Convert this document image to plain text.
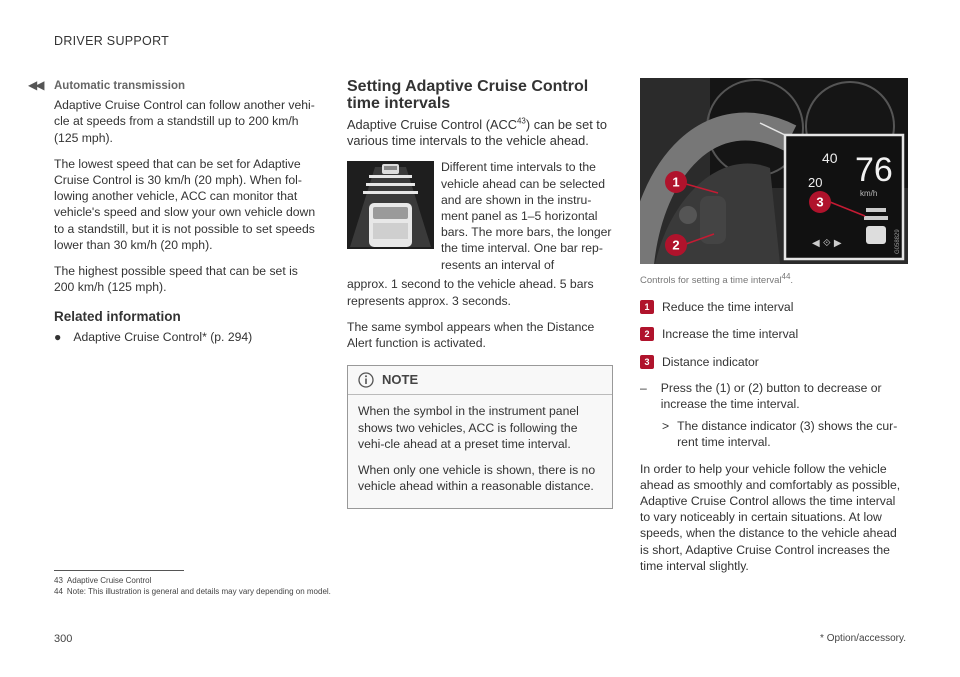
DRIVER SUPPORT
◀◀ Automatic transmission

Adaptive Cruise Control can follow another vehi-cle at speeds from a standstill up to 200 km/h (125 mph).

The lowest speed that can be set for Adaptive Cruise Control is 30 km/h (20 mph). When fol-lowing another vehicle, ACC can monitor that vehicle's speed and slow your own vehicle down to a standstill, but it is not possible to set speeds lower than 30 km/h (20 mph).

The highest possible speed that can be set is 200 km/h (125 mph).

Related information
● Adaptive Cruise Control* (p. 294)
Setting Adaptive Cruise Control
time intervals

Adaptive Cruise Control (ACC$^{43}$) can be set to various time intervals to the vehicle ahead.

Different time intervals to the vehicle ahead can be selected and are shown in the instru-ment panel as 1–5 horizontal bars. The more bars, the longer the time interval. One bar rep-resents an interval of

approx. 1 second to the vehicle ahead. 5 bars represents approx. 3 seconds.

The same symbol appears when the Distance Alert function is activated.

NOTE

When the symbol in the instrument panel shows two vehicles, ACC is following the vehi-cle ahead at a preset time interval.

When only one vehicle is shown, there is no vehicle ahead within a reasonable distance.

76
40 76
km/h
20
◀ ⟐ ▶	G058829
1
2
3
Controls for setting a time interval$^{44}$.
1	Reduce the time interval
2	Increase the time interval
3	Distance indicator
– Press the (1) or (2) button to decrease or increase the time interval.
> The distance indicator (3) shows the cur-rent time interval.

In order to help your vehicle follow the vehicle ahead as smoothly and comfortably as possible, Adaptive Cruise Control allows the time interval to vary noticeably in certain situations. At low speeds, when the distance to the vehicle ahead is short, Adaptive Cruise Control increases the time interval slightly.

43 Adaptive Cruise Control
44 Note: This illustration is general and details may vary depending on model.
300	* Option/accessory.
